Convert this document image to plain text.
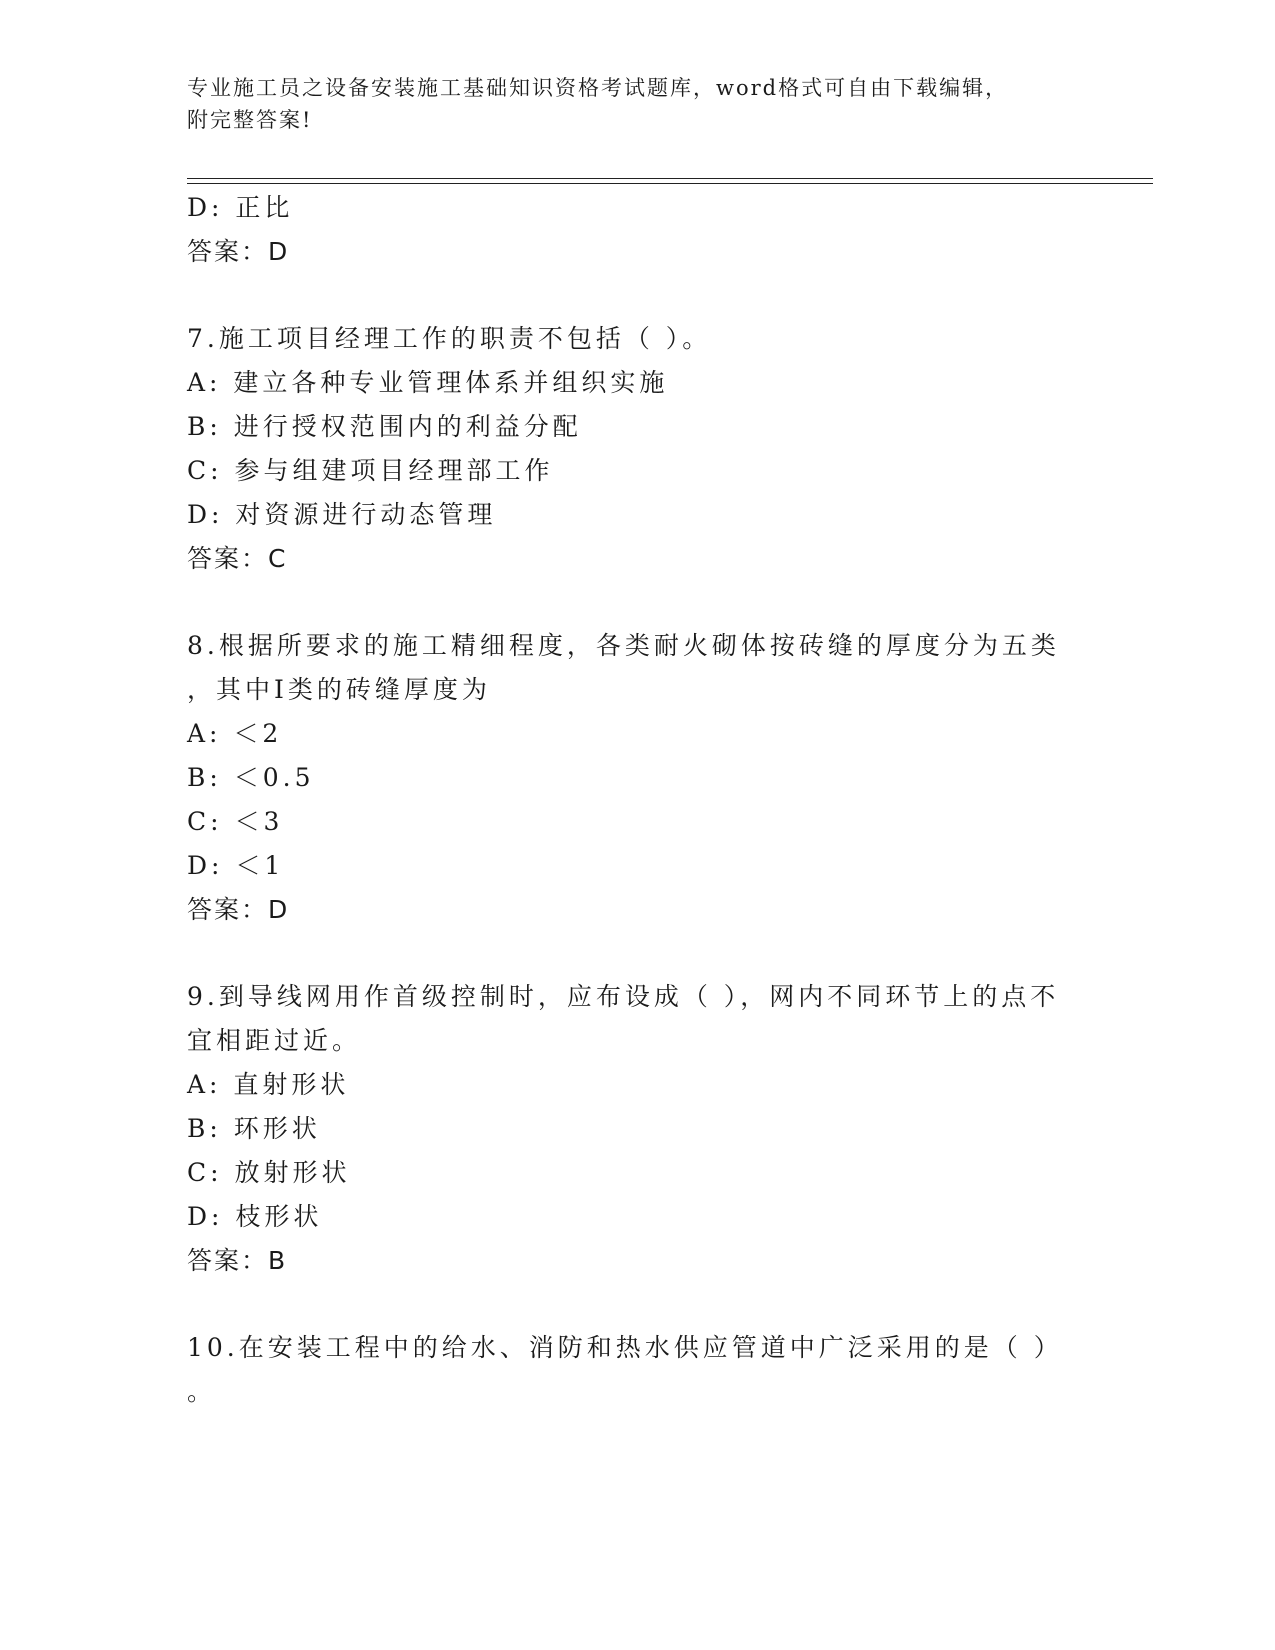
专业施工员之设备安装施工基础知识资格考试题库，word格式可自由下载编辑，
附完整答案!
D: 正比
答案：D
7.施工项目经理工作的职责不包括（ ）。
A: 建立各种专业管理体系并组织实施
B: 进行授权范围内的利益分配
C: 参与组建项目经理部工作
D: 对资源进行动态管理
答案：C
8.根据所要求的施工精细程度，各类耐火砌体按砖缝的厚度分为五类
，其中Ⅰ类的砖缝厚度为
A: ＜2
B: ＜0.5
C: ＜3
D: ＜1
答案：D
9.到导线网用作首级控制时，应布设成（ ），网内不同环节上的点不
宜相距过近。
A: 直射形状
B: 环形状
C: 放射形状
D: 枝形状
答案：B
10.在安装工程中的给水、消防和热水供应管道中广泛采用的是（ ）
。
